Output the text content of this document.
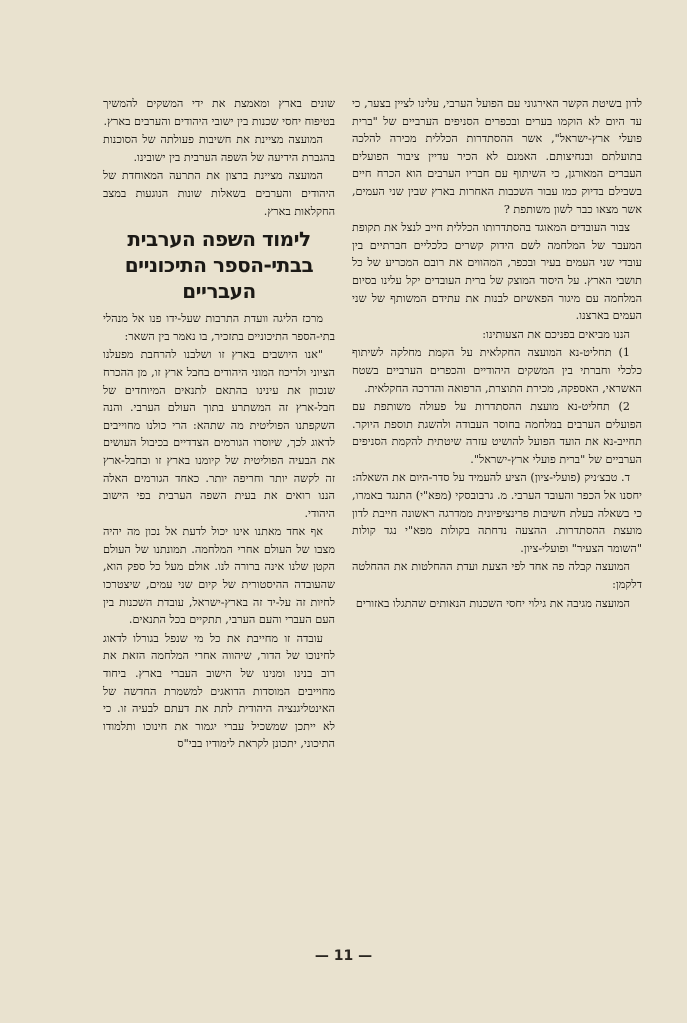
לדון בשיטת הקשר האירגוני עם הפועל הערבי, עלינו לציין בצער, כי עד היום לא הוקמו בערים ובכפרים הסניפים הערביים של "ברית פועלי ארץ-ישראל", אשר ההסתדרות הכללית מכירה להלכה בתועלתם ובנחיצותם. האמנם לא הכיר עדיין ציבור הפועלים העברים המאורגן, כי השיתוף עם חבריו הערבים הוא הכרח חיים בשבילם בדיוק כמו עבור השכבות האחרות בארץ שבין שני העמים, אשר מצאו כבר לשון משותפת ?

צבור העובדים המאוגד בהסתדרותו הכללית חייב לנצל את תקופת המעבר של המלחמה לשם הידוק קשרים כלכליים חברתיים בין עובדי שני העמים בעיר ובכפר, המהווים את רובם המכריע של כל תושבי הארץ. על היסוד המוצק של ברית העובדים יקל עלינו בסיום המלחמה עם מיגור הפאשיזם לבנות את עתידם המשותף של שני העמים בארצנו.

הננו מביאים בפניכם את הצעותינו:

1) תחליט-נא המועצה החקלאית על הקמת מחלקה לשיתוף כלכלי וחברתי בין המשקים היהודיים והכפרים הערביים בשטח האשראי, האספקה, מכירת התוצרת, הרפואה והדרכה החקלאית.

2) תחליט-נא מועצת ההסתדרות על פעולה משותפת עם הפועלים הערבים במלחמה בחוסר העבודה ולהשגת תוספת היוקר. תחייב-נא את הועד הפועל להושיט עזרה שיטתית להקמת הסניפים הערביים של "ברית פועלי ארץ-ישראל".

ד. טבצ׳ניק (פועלי-ציון) הציע להעמיד על סדר-היום את השאלה: יחסנו אל הכפר והעובד הערבי. מ. גרבובסקי (מפא"י) התנגד באמרו, כי בשאלה בעלת חשיבות פרינציפיונית ממדרגה ראשונה חייבת לדון מועצת ההסתדרות. ההצעה נדחתה בקולות מפא"י נגד קולות "השומר הצעיר" ופועלי-ציון.

המועצה קבלה פה אחד לפי הצעת ועדת ההחלטות את ההחלטה דלקמן:

המועצה מגיבה את גילוי יחסי השכנות הנאותים שהתגלו באזורים

שונים בארץ ומאמצת את ידי המשקים להמשיך בטיפוח יחסי שכנות בין ישובי היהודים והערבים בארץ.

המועצה מציינת את חשיבות פעולתה של הסוכנות בהגברת הידיעה של השפה הערבית בין ישובינו.

המועצה מציינת ברצון את התרעה המאוחדת של היהודים והערבים בשאלות שונות הנוגעות במצב החקלאות בארץ.

לימוד השפה הערבית בבתי-הספר התיכוניים העבריים

מרכז הליגה וועדת התרבות שעל-ידו פנו אל מנהלי בתי-הספר התיכוניים בתזכיר, בו נאמר בין השאר:

"אנו היושבים בארץ זו ושלבנו להרחבת מפעלנו הציוני ולריכוז המוני היהודים בחבל ארץ זו, מן ההכרח שנכוון את עינינו בהתאם לתנאים המיוחדים של חבל-ארץ זה המשתרע בתוך העולם הערבי. והנה השקפתנו הפוליטית מה שתהא: הרי כולנו מחוייבים לדאוג לכך, שיוסרו הגורמים הצדדיים בכיבול העושים את הבעיה הפוליטית של קיומנו בארץ זו ובחבל-ארץ זה לקשה יותר וחריפה יותר. כאחד הגורמים האלה הננו רואים את בעית השפה הערבית בפי הישוב היהודי.

אף אחד מאתנו אינו יכול לדעת אל נכון מה יהיה מצבו של העולם אחרי המלחמה. תמונתנו של העולם הקטן שלנו אינה ברורה לנו. אולם מעל כל ספק הוא, שהעובדה ההיסטורית של קיום שני עמים, שיצטרכו לחיות זה על-יד זה בארץ-ישראל, עובדת השכנות בין העם העברי והעם הערבי, תתקיים בכל התנאים.

עובדה זו מחייבת את כל מי שנפל בגורלו לדאוג לחינוכו של הדור, שיהווה אחרי המלחמה הזאת את רוב בנינו ומנינו של הישוב העברי בארץ. ביחוד מחוייבים המוסדות הדואגים למשמרת החדשה של האינטליגנציה היהודית לתת את דעתם לבעיה זו. כי לא ייתכן שמשכיל עברי יגמור את חינוכו ותלמודו התיכוני, יתכונן לקראת לימודיו בבי"ס

— 11 —
